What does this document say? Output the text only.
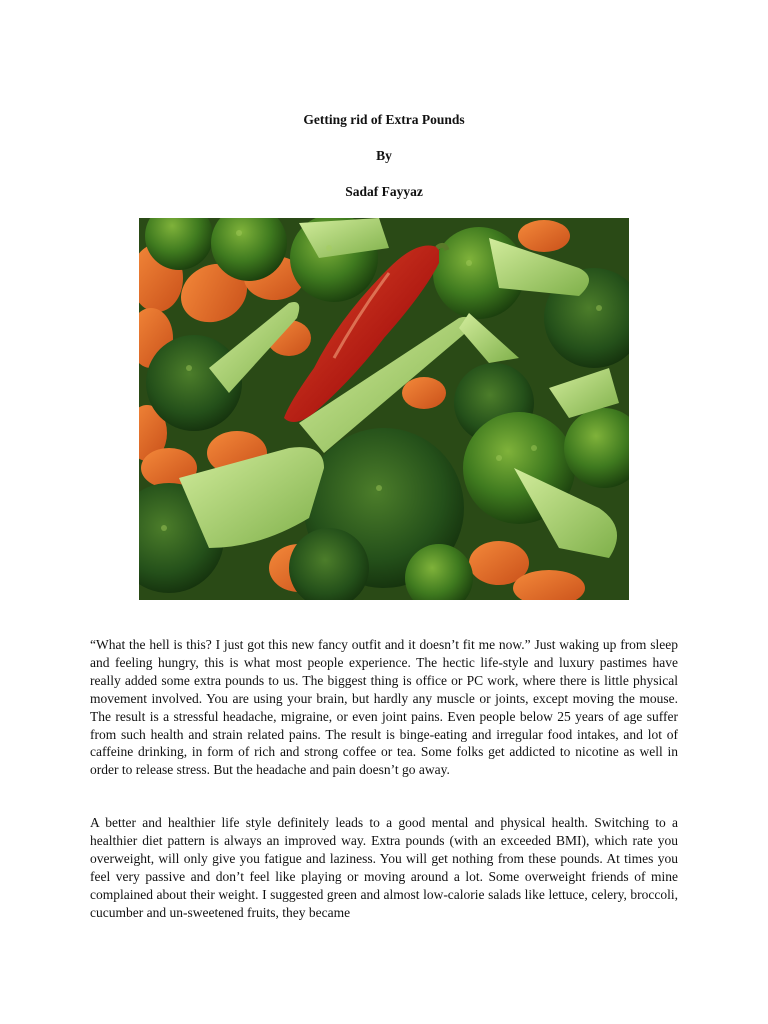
Getting rid of Extra Pounds
By
Sadaf Fayyaz

“What the hell is this? I just got this new fancy outfit and it doesn’t fit me now.” Just waking up from sleep and feeling hungry, this is what most people experience. The hectic life-style and luxury pastimes have really added some extra pounds to us. The biggest thing is office or PC work, where there is little physical movement involved. You are using your brain, but hardly any muscle or joints, except moving the mouse. The result is a stressful headache, migraine, or even joint pains. Even people below 25 years of age suffer from such health and strain related pains. The result is binge-eating and irregular food intakes, and lot of caffeine drinking, in form of rich and strong coffee or tea. Some folks get addicted to nicotine as well in order to release stress. But the headache and pain doesn’t go away.

A better and healthier life style definitely leads to a good mental and physical health. Switching to a healthier diet pattern is always an improved way. Extra pounds (with an exceeded BMI), which rate you overweight, will only give you fatigue and laziness. You will get nothing from these pounds. At times you feel very passive and don’t feel like playing or moving around a lot. Some overweight friends of mine complained about their weight. I suggested green and almost low-calorie salads like lettuce, celery, broccoli, cucumber and un-sweetened fruits, they became
